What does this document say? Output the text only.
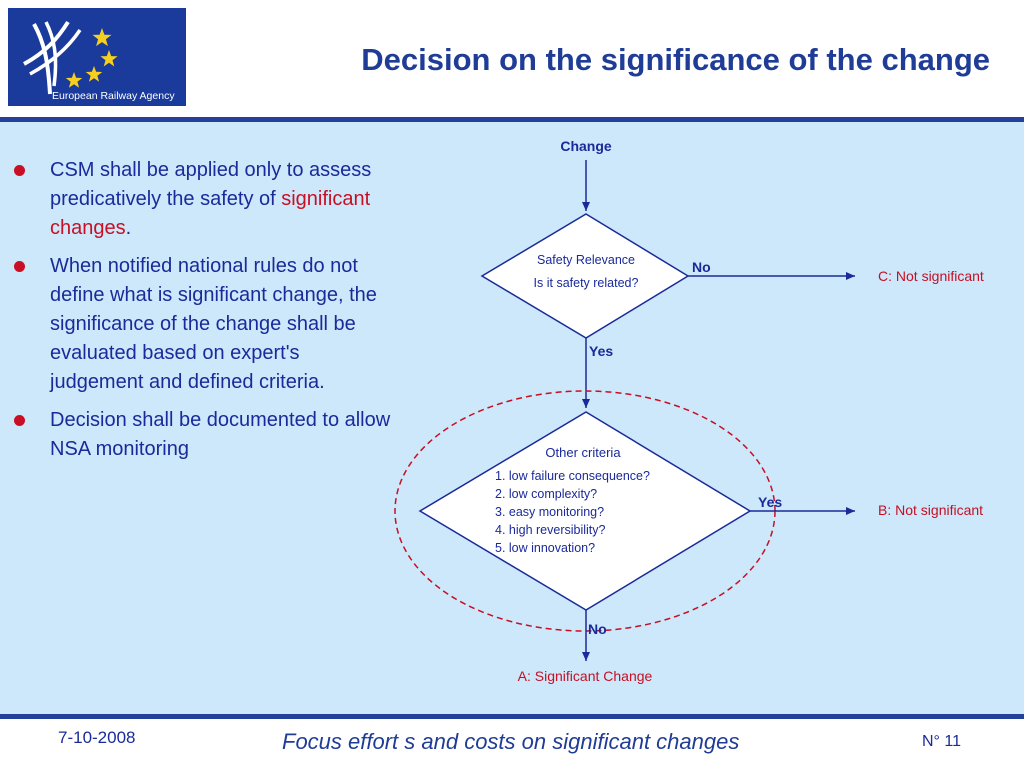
European Railway Agency
Decision on the significance of the change
CSM shall be applied only to assess predicatively the safety of significant changes.
When notified national rules do not define what is significant change, the significance of the change shall be evaluated based on expert's judgement and defined criteria.
Decision shall be documented to allow NSA monitoring
Change
Safety Relevance
Is it safety related?
No
C: Not significant
Yes
Other criteria
1. low failure consequence?
2. low complexity?
3. easy monitoring?
4. high reversibility?
5. low innovation?
Yes	B: Not significant
No
A: Significant Change
7-10-2008	Focus effort s and costs on significant changes	N° 11
